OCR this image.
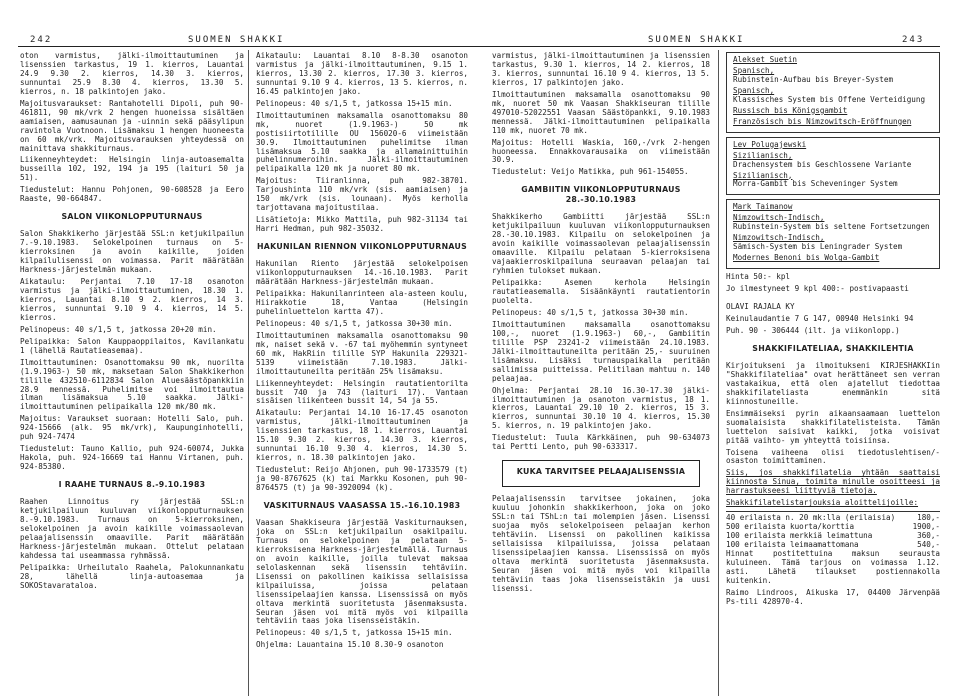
242	SUOMEN SHAKKI	SUOMEN SHAKKI	243

oton varmistus, jälki-ilmoittautuminen ja lisenssien tarkastus, 19 1. kierros, Lauantai 24.9 9.30 2. kierros, 14.30 3. kierros, sunnuntai 25.9 8.30 4. kierros, 13.30 5. kierros, n. 18 palkintojen jako.

Majoitusvaraukset: Rantahotelli Dipoli, puh 90-461811, 90 mk/vrk 2 hengen huoneissa sisältäen aamiaisen, aamusaunan ja -uinnin sekä pääsylipun ravintola Vuotnoon. Lisämaksu 1 hengen huoneesta on 60 mk/vrk. Majoitusvarauksen yhteydessä on mainittava shakkiturnaus.

Liikenneyhteydet: Helsingin linja-autoasemalta busseilla 102, 192, 194 ja 195 (laituri 50 ja 51).

Tiedustelut: Hannu Pohjonen, 90-608528 ja Eero Raaste, 90-664847.

SALON VIIKONLOPPUTURNAUS

Salon Shakkikerho järjestää SSL:n ketjukilpailun 7.-9.10.1983. Selokelpoinen turnaus on 5-kierroksinen ja avoin kaikille, joiden kilpailulisenssi on voimassa. Parit määrätään Harkness-järjestelmän mukaan.

Aikataulu: Perjantai 7.10 17-18 osanoton varmistus ja jälki-ilmoittautuminen, 18.30 1. kierros, Lauantai 8.10 9 2. kierros, 14 3. kierros, sunnuntai 9.10 9 4. kierros, 14 5. kierros.

Pelinopeus: 40 s/1,5 t, jatkossa 20+20 min.

Pelipaikka: Salon Kauppaoppilaitos, Kavilankatu 1 (lähellä Rautatieasemaa).

Ilmoittautuminen: Osanottomaksu 90 mk, nuorilta (1.9.1963-) 50 mk, maksetaan Salon Shakkikerhon tilille 432510-6112834 Salon Aluesäästöpankkiin 28.9 mennessä. Puhelimitse voi ilmoittautua ilman lisämaksua 5.10 saakka. Jälki-ilmoittautuminen pelipaikalla 120 mk/80 mk.

Majoitus: Varaukset suoraan: Hotelli Salo, puh. 924-15666 (alk. 95 mk/vrk), Kaupunginhotelli, puh 924-7474

Tiedustelut: Tauno Kallio, puh 924-60074, Jukka Hakola, puh. 924-16669 tai Hannu Virtanen, puh. 924-85380.

I RAAHE TURNAUS 8.-9.10.1983

Raahen Linnoitus ry järjestää SSL:n ketjukilpailuun kuuluvan viikonlopputurnauksen 8.-9.10.1983. Turnaus on 5-kierroksinen, selokelpoinen ja avoin kaikille voimassaolevan pelaajalisenssin omaaville. Parit määrätään Harkness-järjestelmän mukaan. Ottelut pelataan kahdessa tai useammassa ryhmässä.

Pelipaikka: Urheilutalo Raahela, Palokunnankatu 28, lähellä linja-autoasemaa ja SOKOStavarataloa.

Aikataulu: Lauantai 8.10 8-8.30 osanoton varmistus ja jälki-ilmoittautuminen, 9.15 1. kierros, 13.30 2. kierros, 17.30 3. kierros, sunnuntai 9.10 9 4. kierros, 13 5. kierros, n. 16.45 palkintojen jako.

Pelinopeus: 40 s/1,5 t, jatkossa 15+15 min.

Ilmoittautuminen maksamalla osanottomaksu 80 mk, nuoret (1.9.1963-) 50 mk postisiirtotilille OU 156020-6 viimeistään 30.9. Ilmoittautuminen puhelimitse ilman lisämaksua 5.10 saakka ja allamainittuihin puhelinnumeroihin. Jälki-ilmoittautuminen pelipaikalla 120 mk ja nuoret 80 mk.

Majoitus: Tiiranlinna, puh 982-38701. Tarjoushinta 110 mk/vrk (sis. aamiaisen) ja 150 mk/vrk (sis. lounaan). Myös kerholla tarjottavana majoitustilaa.

Lisätietoja: Mikko Mattila, puh 982-31134 tai Harri Hedman, puh 982-35032.

HAKUNILAN RIENNON VIIKONLOPPUTURNAUS

Hakunilan Riento järjestää selokelpoisen viikonlopputurnauksen 14.-16.10.1983. Parit määrätään Harkness-järjestelmän mukaan.

Pelipaikka: Hakunilanrinteen ala-asteen koulu, Hiirakkotie 18, Vantaa (Helsingin puhelinluettelon kartta 47).

Pelinopeus: 40 s/1,5 t, jatkossa 30+30 min.

Ilmoittautuminen maksamalla osanottomaksu 90 mk, naiset sekä v. -67 tai myöhemmin syntyneet 60 mk, HakRiin tilille SYP Hakunila 229321-5139 viimeistään 7.10.1983. Jälki-ilmoittautuneilta peritään 25% lisämaksu.

Liikenneyhteydet: Helsingin rautatientorilta bussit 740 ja 743 (laituri 17). Vantaan sisäisen liikenteen bussit 14, 54 ja 55.

Aikataulu: Perjantai 14.10 16-17.45 osanoton varmistus, jälki-ilmoittautuminen ja lisenssien tarkastus, 18 1. kierros, Lauantai 15.10 9.30 2. kierros, 14.30 3. kierros, sunnuntai 16.10 9.30 4. kierros, 14.30 5. kierros, n. 18.30 palkintojen jako.

Tiedustelut: Reijo Ahjonen, puh 90-1733579 (t) ja 90-8767625 (k) tai Markku Kosonen, puh 90-8764575 (t) ja 90-3920094 (k).

VASKITURNAUS VAASASSA 15.-16.10.1983

Vaasan Shakkiseura järjestää Vaskiturnauksen, joka on SSL:n ketjukilpailun osakilpailu. Turnaus on selokelpoinen ja pelataan 5-kierroksisena Harkness-järjestelmällä. Turnaus on avoin kaikille, joilla tulevat maksaa selolaskennan sekä lisenssin tehtäviin. Lisenssi on pakollinen kaikissa sellaisissa kilpailuissa, joissa pelataan lisenssipelaajien kanssa. Lisenssissä on myös oltava merkintä suoritetusta jäsenmaksusta. Seuran jäsen voi mitä myös voi kilpailla tehtäviin taas joka lisensseistäkin.

Pelinopeus: 40 s/1,5 t, jatkossa 15+15 min.

Ohjelma: Lauantaina 15.10 8.30-9 osanoton

varmistus, jälki-ilmoittautuminen ja lisenssien tarkastus, 9.30 1. kierros, 14 2. kierros, 18 3. kierros, sunnuntai 16.10 9 4. kierros, 13 5. kierros, 17 palkintojen jako.

Ilmoittautuminen maksamalla osanottomaksu 90 mk, nuoret 50 mk Vaasan Shakkiseuran tilille 497010-52022551 Vaasan Säästöpankki, 9.10.1983 mennessä. Jälki-ilmoittautuminen pelipaikalla 110 mk, nuoret 70 mk.

Majoitus: Hotelli Waskia, 160,-/vrk 2-hengen huoneessa. Ennakkovarausaika on viimeistään 30.9.

Tiedustelut: Veijo Matikka, puh 961-154055.

GAMBIITIN VIIKONLOPPUTURNAUS 28.-30.10.1983

Shakkikerho Gambiitti järjestää SSL:n ketjukilpailuun kuuluvan viikonlopputurnauksen 28.-30.10.1983. Kilpailu on selokelpoinen ja avoin kaikille voimassaolevan pelaajalisenssin omaaville. Kilpailu pelataan 5-kierroksisena vajaakierroskilpailuna seuraavan pelaajan tai ryhmien tulokset mukaan.

Pelipaikka: Asemen kerhola Helsingin rautatieasemalla. Sisäänkäynti rautatientorin puolelta.

Pelinopeus: 40 s/1,5 t, jatkossa 30+30 min.

Ilmoittautuminen maksamalla osanottomaksu 100,-, nuoret (1.9.1963-) 60,-, Gambiitin tilille PSP 23241-2 viimeistään 24.10.1983. Jälki-ilmoittautuneilta peritään 25,- suuruinen lisämaksu. Lisäksi turnauspaikalla peritään sallimissa puitteissa. Pelitilaan mahtuu n. 140 pelaajaa.

Ohjelma: Perjantai 28.10 16.30-17.30 jälki-ilmoittautuminen ja osanoton varmistus, 18 1. kierros, Lauantai 29.10 10 2. kierros, 15 3. kierros, sunnuntai 30.10 10 4. kierros, 15.30 5. kierros, n. 19 palkintojen jako.

Tiedustelut: Tuula Kärkkäinen, puh 90-634073 tai Pertti Lento, puh 90-633317.

KUKA TARVITSEE PELAAJALISENSSIA

Pelaajalisenssin tarvitsee jokainen, joka kuuluu johonkin shakkikerhoon, joka on joko SSL:n tai TShL:n tai molempien jäsen. Lisenssi suojaa myös selokelpoiseen pelaajan kerhon tehtäviin. Lisenssi on pakollinen kaikissa sellaisissa kilpailuissa, joissa pelataan lisenssipelaajien kanssa. Lisenssissä on myös oltava merkintä suoritetusta jäsenmaksusta. Seuran jäsen voi mitä myös voi kilpailla tehtäviin taas joka lisensseistäkin ja uusi lisenssi.

Alekset Suetin
Spanisch,
Rubinstein-Aufbau bis Breyer-System
Spanisch,
Klassisches System bis Offene Verteidigung
Russisch bis Königsgambit
Französisch bis Nimzowitsch-Eröffnungen
Lev Polugajewski
Sizilianisch,
Drachensystem bis Geschlossene Variante
Sizilianisch,
Morra-Gambit bis Scheveninger System
Mark Taimanow
Nimzowitsch-Indisch,
Rubinstein-System bis seltene Fortsetzungen
Nimzowitsch-Indisch,
Sämisch-System bis Leningrader System
Modernes Benoni bis Wolga-Gambit

Hinta 50:- kpl

Jo ilmestyneet 9 kpl 400:- postivapaasti

OLAVI RAJALA KY

Keinulaudantie 7 G 147, 00940 Helsinki 94

Puh. 90 - 306444 (ilt. ja viikonlopp.)

SHAKKIFILATELIAA, SHAKKILEHTIA

Kirjoitukseni ja ilmoitukseni KIRJESHAKKIin "Shakkifilateliaa" ovat herättäneet sen verran vastakaikua, että olen ajatellut tiedottaa shakkifilateliasta enemmänkin sitä kiinnostuneille.

Ensimmäiseksi pyrin aikaansaamaan luettelon suomalaisista shakkifilatelisteista. Tämän luettelon saisivat kaikki, jotka voisivat pitää vaihto- ym yhteyttä toisiinsa.

Toisena vaiheena olisi tiedotuslehtisen/-osaston toimittaminen.

Siis, jos shakkifilatelia yhtään saattaisi kiinnosta Sinua, toimita minulle osoitteesi ja harrastukseesi liittyviä tietoja.

Shakkifilatelistarjouksia aloittelijoille:

40 erilaista n. 20 mk:lla (erilaisia)	180,-
500 erilaista kuorta/korttia	1900,-
100 erilaista merkkiä leimattuna	360,-
100 erilaista leimaamattomana	540,-

Hinnat postitettuina maksun seurausta kuluineen. Tämä tarjous on voimassa 1.12. asti. Lähetä tilaukset postiennakolla kuitenkin.

Raimo Lindroos, Aikuska 17, 04400 Järvenpää Ps-tili 428970-4.
